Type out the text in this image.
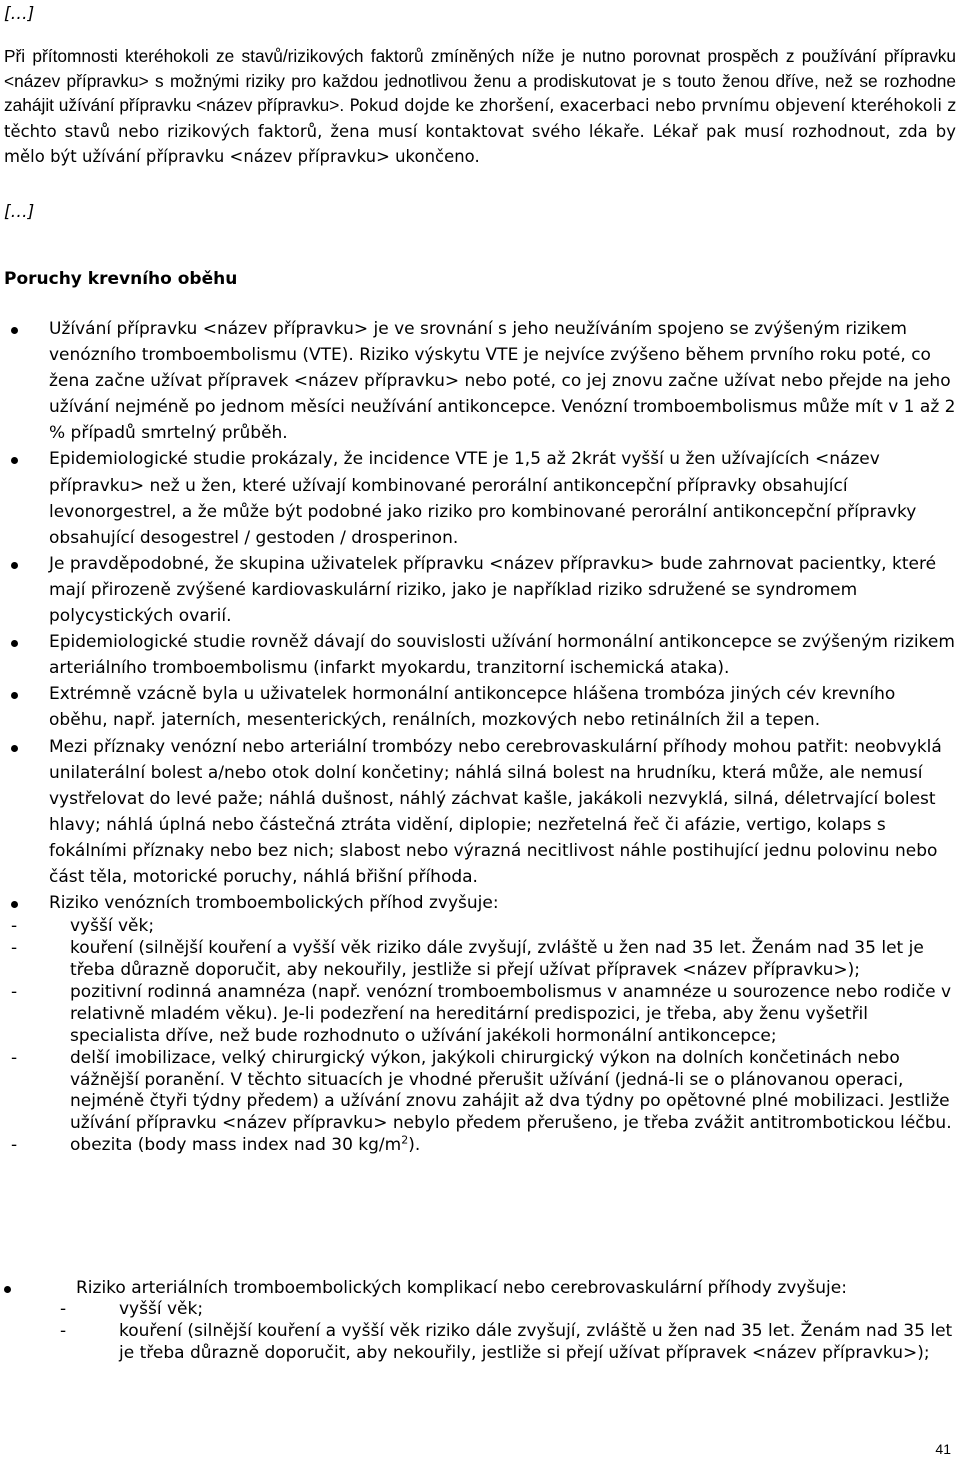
[…]
Při přítomnosti kteréhokoli ze stavů/rizikových faktorů zmíněných níže je nutno porovnat prospěch z používání přípravku <název přípravku> s možnými riziky pro každou jednotlivou ženu a prodiskutovat je s touto ženou dříve, než se rozhodne zahájit užívání přípravku <název přípravku>. Pokud dojde ke zhoršení, exacerbaci nebo prvnímu objevení kteréhokoli z těchto stavů nebo rizikových faktorů, žena musí kontaktovat svého lékaře. Lékař pak musí rozhodnout, zda by mělo být užívání přípravku <název přípravku> ukončeno.
[…]
Poruchy krevního oběhu
Užívání přípravku <název přípravku> je ve srovnání s jeho neužíváním spojeno se zvýšeným rizikem venózního tromboembolismu (VTE). Riziko výskytu VTE je nejvíce zvýšeno během prvního roku poté, co žena začne užívat přípravek <název přípravku> nebo poté, co jej znovu začne užívat nebo přejde na jeho užívání nejméně po jednom měsíci neužívání antikoncepce. Venózní tromboembolismus může mít v 1 až 2 % případů smrtelný průběh.
Epidemiologické studie prokázaly, že incidence VTE je 1,5 až 2krát vyšší u žen užívajících <název přípravku> než u žen, které užívají kombinované perorální antikoncepční přípravky obsahující levonorgestrel, a že může být podobné jako riziko pro kombinované perorální antikoncepční přípravky obsahující desogestrel / gestoden / drosperinon.
Je pravděpodobné, že skupina uživatelek přípravku <název přípravku> bude zahrnovat pacientky, které mají přirozeně zvýšené kardiovaskulární riziko, jako je například riziko sdružené se syndromem polycystických ovarií.
Epidemiologické studie rovněž dávají do souvislosti užívání hormonální antikoncepce se zvýšeným rizikem arteriálního tromboembolismu (infarkt myokardu, tranzitorní ischemická ataka).
Extrémně vzácně byla u uživatelek hormonální antikoncepce hlášena trombóza jiných cév krevního oběhu, např. jaterních, mesenterických, renálních, mozkových nebo retinálních žil a tepen.
Mezi příznaky venózní nebo arteriální trombózy nebo cerebrovaskulární příhody mohou patřit: neobvyklá unilaterální bolest a/nebo otok dolní končetiny; náhlá silná bolest na hrudníku, která může, ale nemusí vystřelovat do levé paže; náhlá dušnost, náhlý záchvat kašle, jakákoli nezvyklá, silná, déletrvající bolest hlavy; náhlá úplná nebo částečná ztráta vidění, diplopie; nezřetelná řeč či afázie, vertigo, kolaps s fokálními příznaky nebo bez nich; slabost nebo výrazná necitlivost náhle postihující jednu polovinu nebo část těla, motorické poruchy, náhlá břišní příhoda.
Riziko venózních tromboembolických příhod zvyšuje:
-	vyšší věk;
-	kouření (silnější kouření a vyšší věk riziko dále zvyšují, zvláště u žen nad 35 let. Ženám nad 35 let je třeba důrazně doporučit, aby nekouřily, jestliže si přejí užívat přípravek <název přípravku>);
-	pozitivní rodinná anamnéza (např. venózní tromboembolismus v anamnéze u sourozence nebo rodiče v relativně mladém věku). Je-li podezření na hereditární predispozici, je třeba, aby ženu vyšetřil specialista dříve, než bude rozhodnuto o užívání jakékoli hormonální antikoncepce;
-	delší imobilizace, velký chirurgický výkon, jakýkoli chirurgický výkon na dolních končetinách nebo vážnější poranění. V těchto situacích je vhodné přerušit užívání (jedná-li se o plánovanou operaci, nejméně čtyři týdny předem) a užívání znovu zahájit až dva týdny po opětovné plné mobilizaci. Jestliže užívání přípravku <název přípravku> nebylo předem přerušeno, je třeba zvážit antitrombotickou léčbu.
-	obezita (body mass index nad 30 $kg/m^2$).
Riziko arteriálních tromboembolických komplikací nebo cerebrovaskulární příhody zvyšuje:
-	vyšší věk;
-	kouření (silnější kouření a vyšší věk riziko dále zvyšují, zvláště u žen nad 35 let. Ženám nad 35 let je třeba důrazně doporučit, aby nekouřily, jestliže si přejí užívat přípravek <název přípravku>);
41
